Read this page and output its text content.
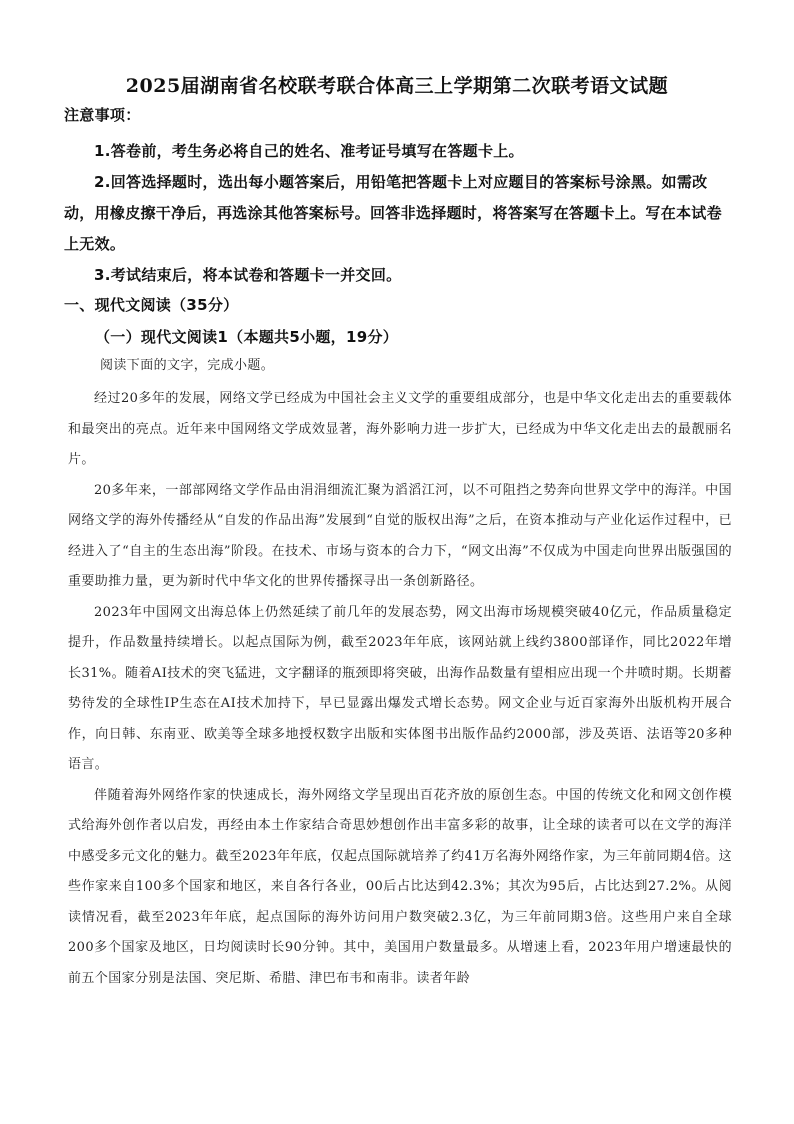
2025届湖南省名校联考联合体高三上学期第二次联考语文试题
注意事项：

1.答卷前，考生务必将自己的姓名、准考证号填写在答题卡上。

2.回答选择题时，选出每小题答案后，用铅笔把答题卡上对应题目的答案标号涂黑。如需改动，用橡皮擦干净后，再选涂其他答案标号。回答非选择题时，将答案写在答题卡上。写在本试卷上无效。

3.考试结束后，将本试卷和答题卡一并交回。

一、现代文阅读（35分）
（一）现代文阅读1（本题共5小题，19分）
阅读下面的文字，完成小题。

经过20多年的发展，网络文学已经成为中国社会主义文学的重要组成部分，也是中华文化走出去的重要载体和最突出的亮点。近年来中国网络文学成效显著，海外影响力进一步扩大，已经成为中华文化走出去的最靓丽名片。

20多年来，一部部网络文学作品由涓涓细流汇聚为滔滔江河，以不可阻挡之势奔向世界文学中的海洋。中国网络文学的海外传播经从“自发的作品出海”发展到“自觉的版权出海”之后，在资本推动与产业化运作过程中，已经进入了“自主的生态出海”阶段。在技术、市场与资本的合力下，“网文出海”不仅成为中国走向世界出版强国的重要助推力量，更为新时代中华文化的世界传播探寻出一条创新路径。

2023年中国网文出海总体上仍然延续了前几年的发展态势，网文出海市场规模突破40亿元，作品质量稳定提升，作品数量持续增长。以起点国际为例，截至2023年年底，该网站就上线约3800部译作，同比2022年增长31%。随着AI技术的突飞猛进，文字翻译的瓶颈即将突破，出海作品数量有望相应出现一个井喷时期。长期蓄势待发的全球性IP生态在AI技术加持下，早已显露出爆发式增长态势。网文企业与近百家海外出版机构开展合作，向日韩、东南亚、欧美等全球多地授权数字出版和实体图书出版作品约2000部，涉及英语、法语等20多种语言。

伴随着海外网络作家的快速成长，海外网络文学呈现出百花齐放的原创生态。中国的传统文化和网文创作模式给海外创作者以启发，再经由本土作家结合奇思妙想创作出丰富多彩的故事，让全球的读者可以在文学的海洋中感受多元文化的魅力。截至2023年年底，仅起点国际就培养了约41万名海外网络作家，为三年前同期4倍。这些作家来自100多个国家和地区，来自各行各业，00后占比达到42.3%；其次为95后，占比达到27.2%。从阅读情况看，截至2023年年底，起点国际的海外访问用户数突破2.3亿，为三年前同期3倍。这些用户来自全球200多个国家及地区，日均阅读时长90分钟。其中，美国用户数量最多。从增速上看，2023年用户增速最快的前五个国家分别是法国、突尼斯、希腊、津巴布韦和南非。读者年龄
